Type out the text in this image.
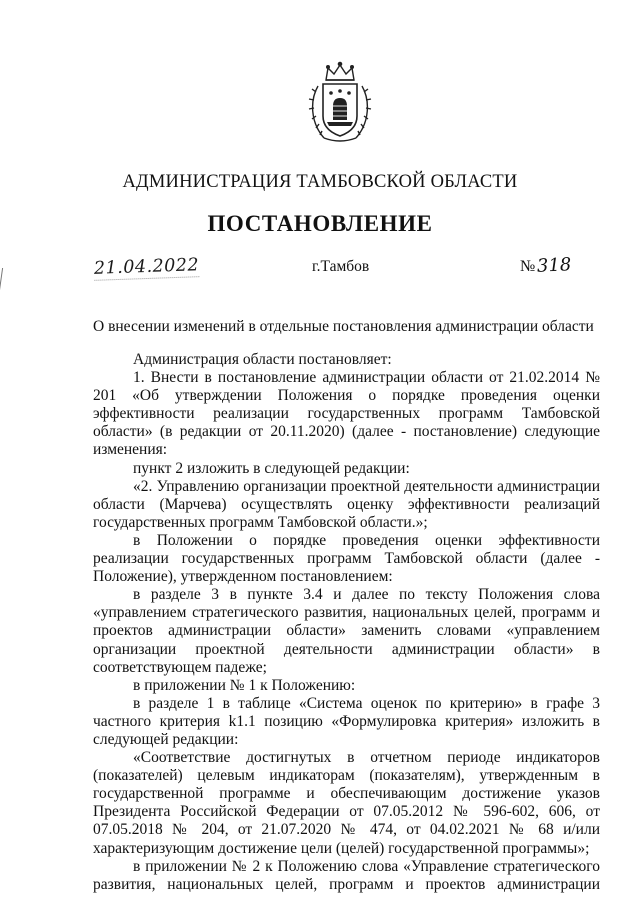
АДМИНИСТРАЦИЯ ТАМБОВСКОЙ ОБЛАСТИ
ПОСТАНОВЛЕНИЕ
21.04.2022	г.Тамбов	№318
О внесении изменений в отдельные постановления администрации области

Администрация области постановляет:

1. Внести в постановление администрации области от 21.02.2014 № 201 «Об утверждении Положения о порядке проведения оценки эффективности реализации государственных программ Тамбовской области» (в редакции от 20.11.2020) (далее - постановление) следующие изменения:

пункт 2 изложить в следующей редакции:

«2. Управлению организации проектной деятельности администрации области (Марчева) осуществлять оценку эффективности реализаций государственных программ Тамбовской области.»;

в Положении о порядке проведения оценки эффективности реализации государственных программ Тамбовской области (далее - Положение), утвержденном постановлением:

в разделе 3 в пункте 3.4 и далее по тексту Положения слова «управлением стратегического развития, национальных целей, программ и проектов администрации области» заменить словами «управлением организации проектной деятельности администрации области» в соответствующем падеже;

в приложении № 1 к Положению:

в разделе 1 в таблице «Система оценок по критерию» в графе 3 частного критерия k1.1 позицию «Формулировка критерия» изложить в следующей редакции:

«Соответствие достигнутых в отчетном периоде индикаторов (показателей) целевым индикаторам (показателям), утвержденным в государственной программе и обеспечивающим достижение указов Президента Российской Федерации от 07.05.2012 № 596-602, 606, от 07.05.2018 № 204, от 21.07.2020 № 474, от 04.02.2021 № 68 и/или характеризующим достижение цели (целей) государственной программы»;

в приложении № 2 к Положению слова «Управление стратегического развития, национальных целей, программ и проектов администрации
